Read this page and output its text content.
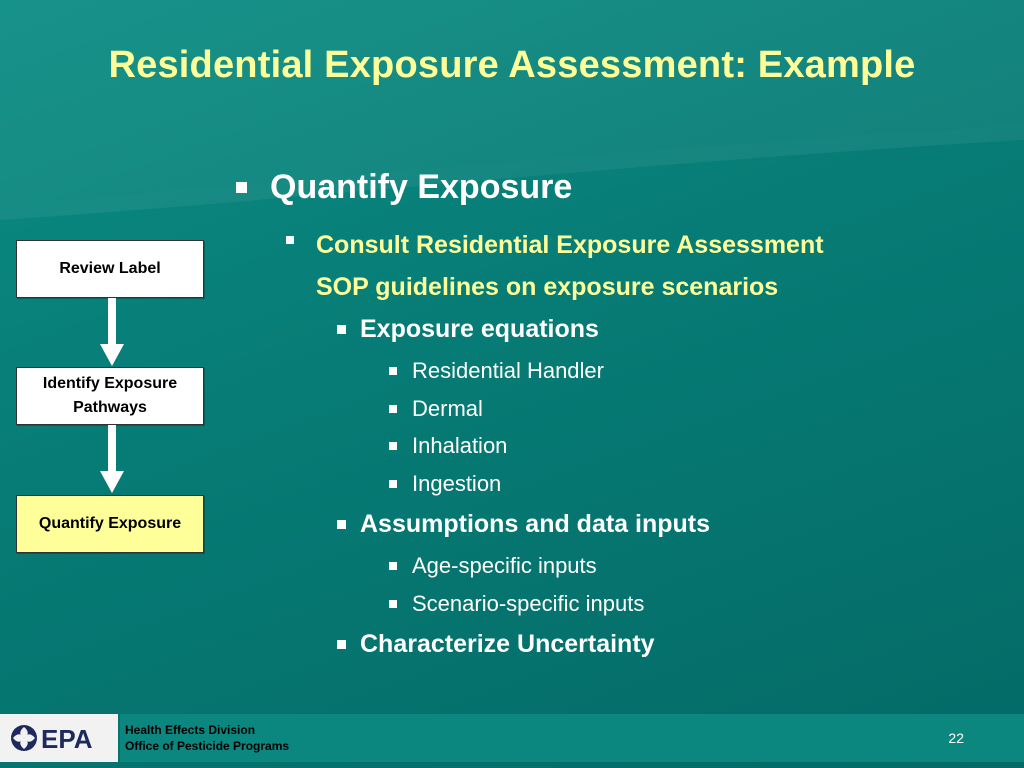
Residential Exposure Assessment: Example
Review Label
Identify Exposure Pathways
Quantify Exposure
Quantify Exposure
Consult Residential Exposure Assessment
SOP guidelines on exposure scenarios
Exposure equations
Residential Handler
Dermal
Inhalation
Ingestion
Assumptions and data inputs
Age-specific inputs
Scenario-specific inputs
Characterize Uncertainty
EPA	Health Effects Division
Office of Pesticide Programs	22
